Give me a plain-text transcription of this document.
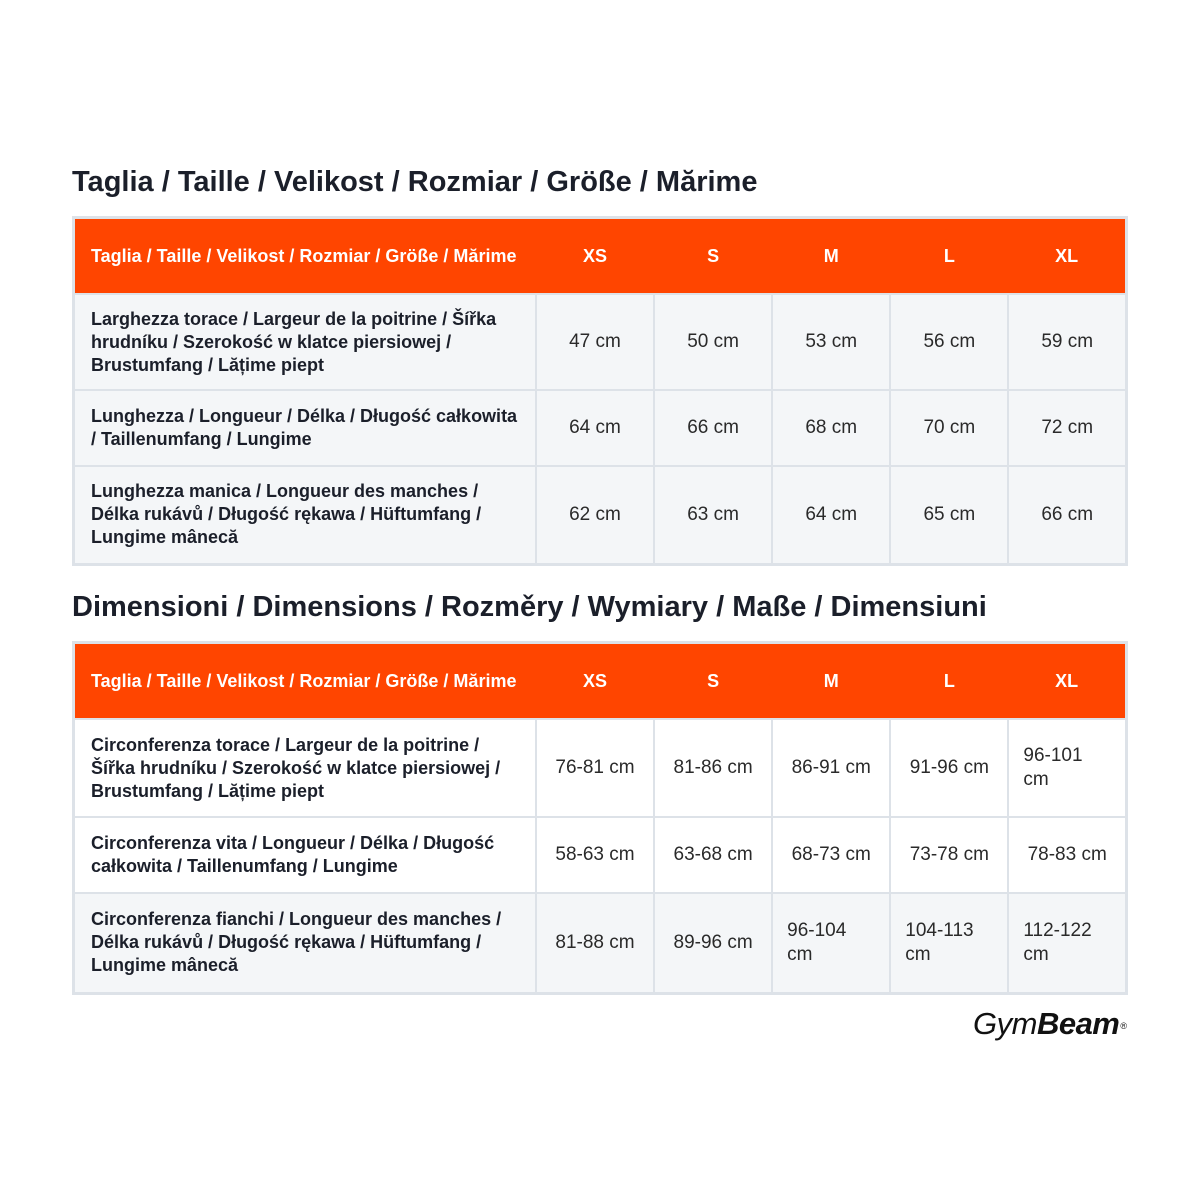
Taglia / Taille / Velikost / Rozmiar / Größe / Mărime
Taglia / Taille / Velikost / Rozmiar / Größe / Mărime	XS	S	M	L	XL
Larghezza torace / Largeur de la poitrine / Šířka hrudníku / Szerokość w klatce piersiowej / Brustumfang / Lățime piept	47 cm	50 cm	53 cm	56 cm	59 cm
Lunghezza / Longueur / Délka / Długość całkowita / Taillenumfang / Lungime	64 cm	66 cm	68 cm	70 cm	72 cm
Lunghezza manica / Longueur des manches / Délka rukávů / Długość rękawa / Hüftumfang / Lungime mânecă	62 cm	63 cm	64 cm	65 cm	66 cm
Dimensioni / Dimensions / Rozměry / Wymiary / Maße / Dimensiuni
Taglia / Taille / Velikost / Rozmiar / Größe / Mărime	XS	S	M	L	XL
Circonferenza torace / Largeur de la poitrine / Šířka hrudníku / Szerokość w klatce piersiowej / Brustumfang / Lățime piept	76-81 cm	81-86 cm	86-91 cm	91-96 cm	96-101 cm
Circonferenza vita / Longueur / Délka / Długość całkowita / Taillenumfang / Lungime	58-63 cm	63-68 cm	68-73 cm	73-78 cm	78-83 cm
Circonferenza fianchi / Longueur des manches / Délka rukávů / Długość rękawa / Hüftumfang / Lungime mânecă	81-88 cm	89-96 cm	96-104 cm	104-113 cm	112-122 cm
GymBeam®
